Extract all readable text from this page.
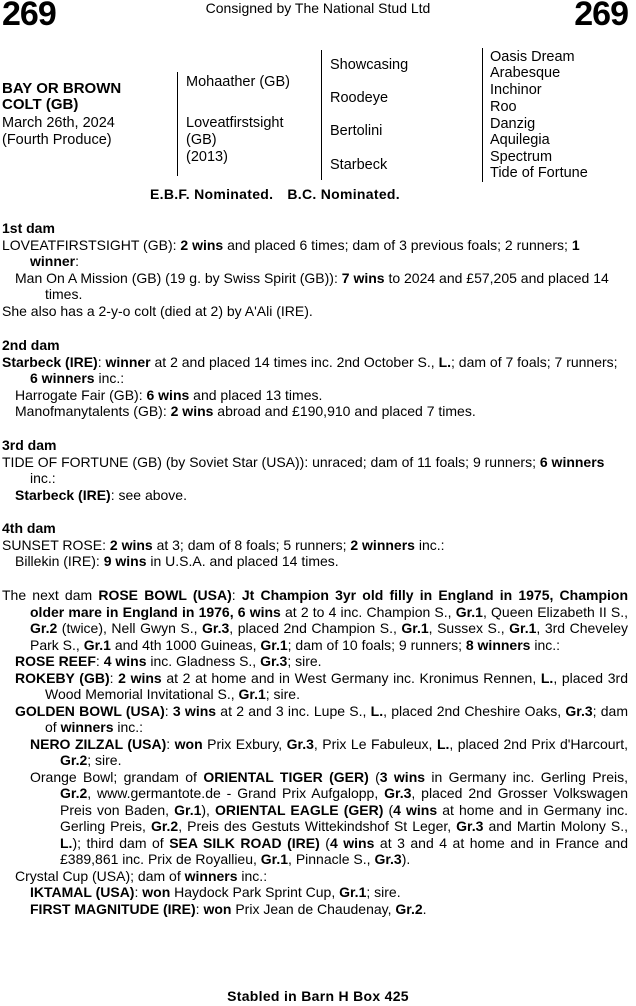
269	Consigned by The National Stud Ltd	269
BAY OR BROWN
COLT (GB)
March 26th, 2024
(Fourth Produce)
Mohaather (GB)
Loveatfirstsight
(GB)
(2013)
Showcasing
Roodeye
Bertolini
Starbeck
Oasis Dream
Arabesque
Inchinor
Roo
Danzig
Aquilegia
Spectrum
Tide of Fortune
E.B.F. Nominated. B.C. Nominated.
1st dam
LOVEATFIRSTSIGHT (GB): 2 wins and placed 6 times; dam of 3 previous foals; 2 runners; 1 winner:
Man On A Mission (GB) (19 g. by Swiss Spirit (GB)): 7 wins to 2024 and £57,205 and placed 14 times.
She also has a 2-y-o colt (died at 2) by A'Ali (IRE).
2nd dam
Starbeck (IRE): winner at 2 and placed 14 times inc. 2nd October S., L.; dam of 7 foals; 7 runners; 6 winners inc.:
Harrogate Fair (GB): 6 wins and placed 13 times.
Manofmanytalents (GB): 2 wins abroad and £190,910 and placed 7 times.
3rd dam
TIDE OF FORTUNE (GB) (by Soviet Star (USA)): unraced; dam of 11 foals; 9 runners; 6 winners inc.:
Starbeck (IRE): see above.
4th dam
SUNSET ROSE: 2 wins at 3; dam of 8 foals; 5 runners; 2 winners inc.:
Billekin (IRE): 9 wins in U.S.A. and placed 14 times.
The next dam ROSE BOWL (USA): Jt Champion 3yr old filly in England in 1975, Champion older mare in England in 1976, 6 wins at 2 to 4 inc. Champion S., Gr.1, Queen Elizabeth II S., Gr.2 (twice), Nell Gwyn S., Gr.3, placed 2nd Champion S., Gr.1, Sussex S., Gr.1, 3rd Cheveley Park S., Gr.1 and 4th 1000 Guineas, Gr.1; dam of 10 foals; 9 runners; 8 winners inc.:
ROSE REEF: 4 wins inc. Gladness S., Gr.3; sire.
ROKEBY (GB): 2 wins at 2 at home and in West Germany inc. Kronimus Rennen, L., placed 3rd Wood Memorial Invitational S., Gr.1; sire.
GOLDEN BOWL (USA): 3 wins at 2 and 3 inc. Lupe S., L., placed 2nd Cheshire Oaks, Gr.3; dam of winners inc.:
NERO ZILZAL (USA): won Prix Exbury, Gr.3, Prix Le Fabuleux, L., placed 2nd Prix d'Harcourt, Gr.2; sire.
Orange Bowl; grandam of ORIENTAL TIGER (GER) (3 wins in Germany inc. Gerling Preis, Gr.2, www.germantote.de - Grand Prix Aufgalopp, Gr.3, placed 2nd Grosser Volkswagen Preis von Baden, Gr.1), ORIENTAL EAGLE (GER) (4 wins at home and in Germany inc. Gerling Preis, Gr.2, Preis des Gestuts Wittekindshof St Leger, Gr.3 and Martin Molony S., L.); third dam of SEA SILK ROAD (IRE) (4 wins at 3 and 4 at home and in France and £389,861 inc. Prix de Royallieu, Gr.1, Pinnacle S., Gr.3).
Crystal Cup (USA); dam of winners inc.:
IKTAMAL (USA): won Haydock Park Sprint Cup, Gr.1; sire.
FIRST MAGNITUDE (IRE): won Prix Jean de Chaudenay, Gr.2.
Stabled in Barn H Box 425
